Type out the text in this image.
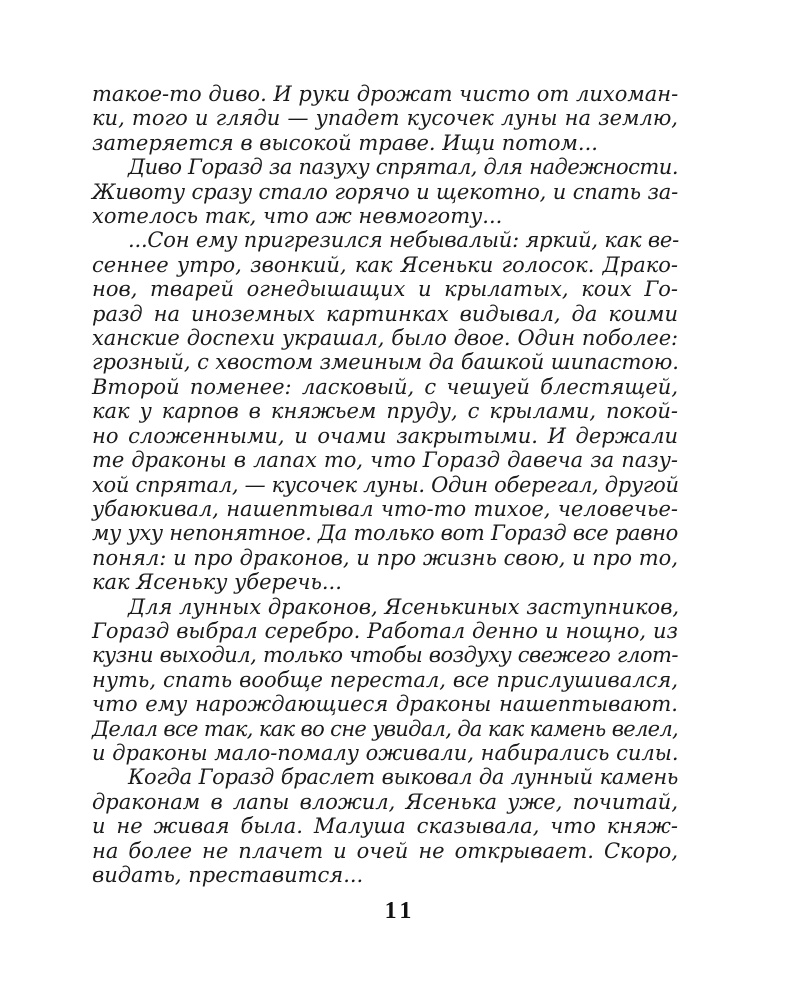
такое-то диво. И руки дрожат чисто от лихоман-
ки, того и гляди — упадет кусочек луны на землю,
затеряется в высокой траве. Ищи потом...

Диво Горазд за пазуху спрятал, для надежности.
Животу сразу стало горячо и щекотно, и спать за-
хотелось так, что аж невмоготу...

...Сон ему пригрезился небывалый: яркий, как ве-
сеннее утро, звонкий, как Ясеньки голосок. Драко-
нов, тварей огнедышащих и крылатых, коих Го-
разд на иноземных картинках видывал, да коими
ханские доспехи украшал, было двое. Один поболее:
грозный, с хвостом змеиным да башкой шипастою.
Второй поменее: ласковый, с чешуей блестящей,
как у карпов в княжьем пруду, с крылами, покой-
но сложенными, и очами закрытыми. И держали
те драконы в лапах то, что Горазд давеча за пазу-
хой спрятал, — кусочек луны. Один оберегал, другой
убаюкивал, нашептывал что-то тихое, человечье-
му уху непонятное. Да только вот Горазд все равно
понял: и про драконов, и про жизнь свою, и про то,
как Ясеньку уберечь...

Для лунных драконов, Ясенькиных заступников,
Горазд выбрал серебро. Работал денно и нощно, из
кузни выходил, только чтобы воздуху свежего глот-
нуть, спать вообще перестал, все прислушивался,
что ему нарождающиеся драконы нашептывают.
Делал все так, как во сне увидал, да как камень велел,
и драконы мало-помалу оживали, набирались силы.

Когда Горазд браслет выковал да лунный камень
драконам в лапы вложил, Ясенька уже, почитай,
и не живая была. Малуша сказывала, что княж-
на более не плачет и очей не открывает. Скоро,
видать, преставится...

11
